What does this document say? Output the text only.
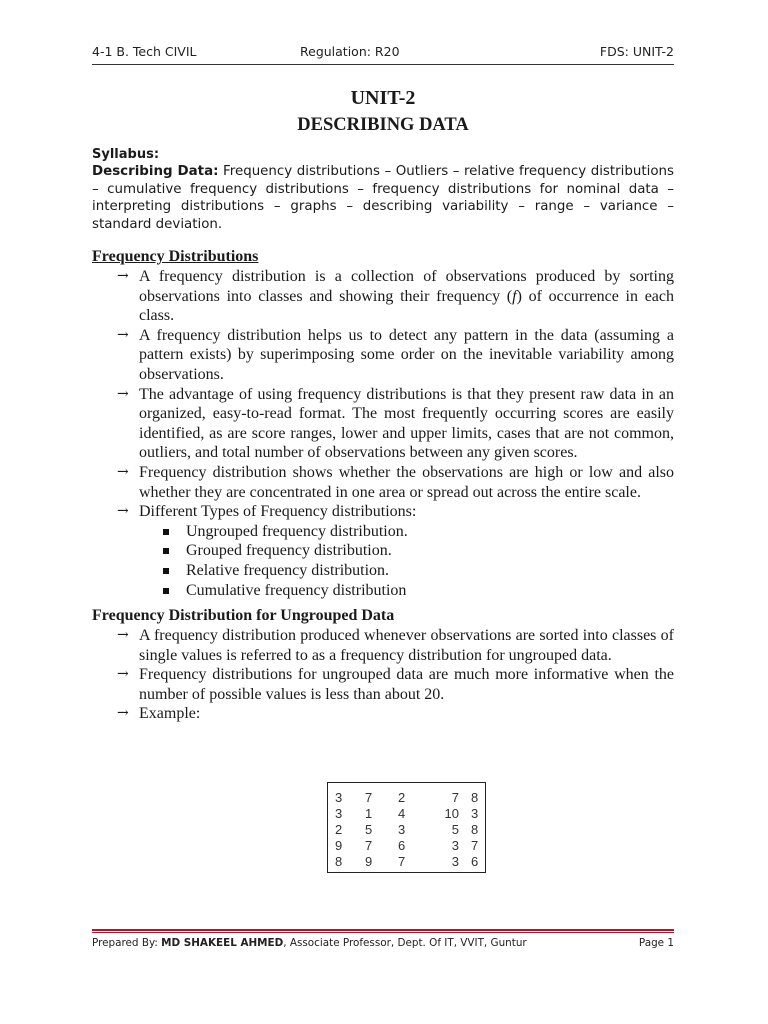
4-1 B. Tech CIVIL	Regulation: R20	FDS: UNIT-2
UNIT-2
DESCRIBING DATA
Syllabus:

Describing Data: Frequency distributions – Outliers – relative frequency distributions – cumulative frequency distributions – frequency distributions for nominal data – interpreting distributions – graphs – describing variability – range – variance – standard deviation.

Frequency Distributions
→ A frequency distribution is a collection of observations produced by sorting observations into classes and showing their frequency (f) of occurrence in each class.
→ A frequency distribution helps us to detect any pattern in the data (assuming a pattern exists) by superimposing some order on the inevitable variability among observations.
→ The advantage of using frequency distributions is that they present raw data in an organized, easy-to-read format. The most frequently occurring scores are easily identified, as are score ranges, lower and upper limits, cases that are not common, outliers, and total number of observations between any given scores.
→ Frequency distribution shows whether the observations are high or low and also whether they are concentrated in one area or spread out across the entire scale.
→ Different Types of Frequency distributions:
Ungrouped frequency distribution.
Grouped frequency distribution.
Relative frequency distribution.
Cumulative frequency distribution
Frequency Distribution for Ungrouped Data
→ A frequency distribution produced whenever observations are sorted into classes of single values is referred to as a frequency distribution for ungrouped data.
→ Frequency distributions for ungrouped data are much more informative when the number of possible values is less than about 20.
→ Example:
3	7	2	7	8
3	1	4	10	3
2	5	3	5	8
9	7	6	3	7
8	9	7	3	6
Prepared By: MD SHAKEEL AHMED, Associate Professor, Dept. Of IT, VVIT, Guntur	Page 1
